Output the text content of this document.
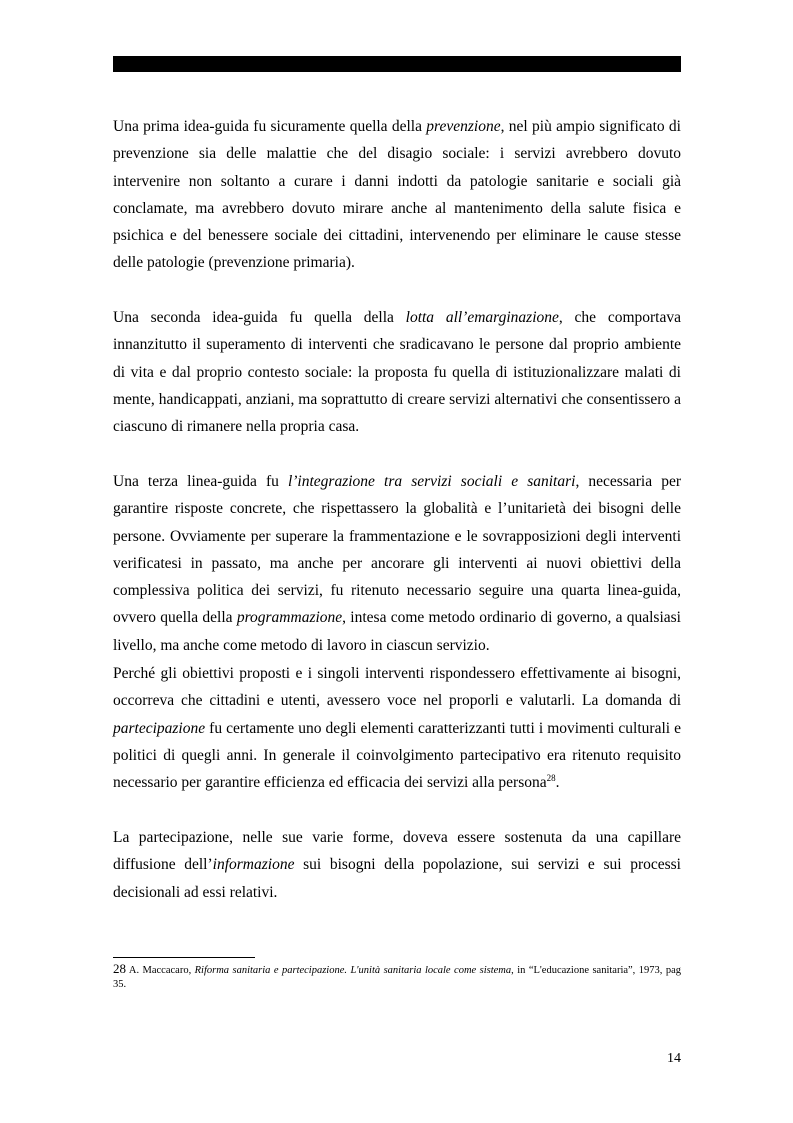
Una prima idea-guida fu sicuramente quella della prevenzione, nel più ampio significato di prevenzione sia delle malattie che del disagio sociale: i servizi avrebbero dovuto intervenire non soltanto a curare i danni indotti da patologie sanitarie e sociali già conclamate, ma avrebbero dovuto mirare anche al mantenimento della salute fisica e psichica e del benessere sociale dei cittadini, intervenendo per eliminare le cause stesse delle patologie (prevenzione primaria).

Una seconda idea-guida fu quella della lotta all’emarginazione, che comportava innanzitutto il superamento di interventi che sradicavano le persone dal proprio ambiente di vita e dal proprio contesto sociale: la proposta fu quella di istituzionalizzare malati di mente, handicappati, anziani, ma soprattutto di creare servizi alternativi che consentissero a ciascuno di rimanere nella propria casa.

Una terza linea-guida fu l’integrazione tra servizi sociali e sanitari, necessaria per garantire risposte concrete, che rispettassero la globalità e l’unitarietà dei bisogni delle persone. Ovviamente per superare la frammentazione e le sovrapposizioni degli interventi verificatesi in passato, ma anche per ancorare gli interventi ai nuovi obiettivi della complessiva politica dei servizi, fu ritenuto necessario seguire una quarta linea-guida, ovvero quella della programmazione, intesa come metodo ordinario di governo, a qualsiasi livello, ma anche come metodo di lavoro in ciascun servizio.

Perché gli obiettivi proposti e i singoli interventi rispondessero effettivamente ai bisogni, occorreva che cittadini e utenti, avessero voce nel proporli e valutarli. La domanda di partecipazione fu certamente uno degli elementi caratterizzanti tutti i movimenti culturali e politici di quegli anni. In generale il coinvolgimento partecipativo era ritenuto requisito necessario per garantire efficienza ed efficacia dei servizi alla persona$^{28}$.

La partecipazione, nelle sue varie forme, doveva essere sostenuta da una capillare diffusione dell’informazione sui bisogni della popolazione, sui servizi e sui processi decisionali ad essi relativi.

28 A. Maccacaro, Riforma sanitaria e partecipazione. L'unità sanitaria locale come sistema, in “L'educazione sanitaria”, 1973, pag 35.
14
